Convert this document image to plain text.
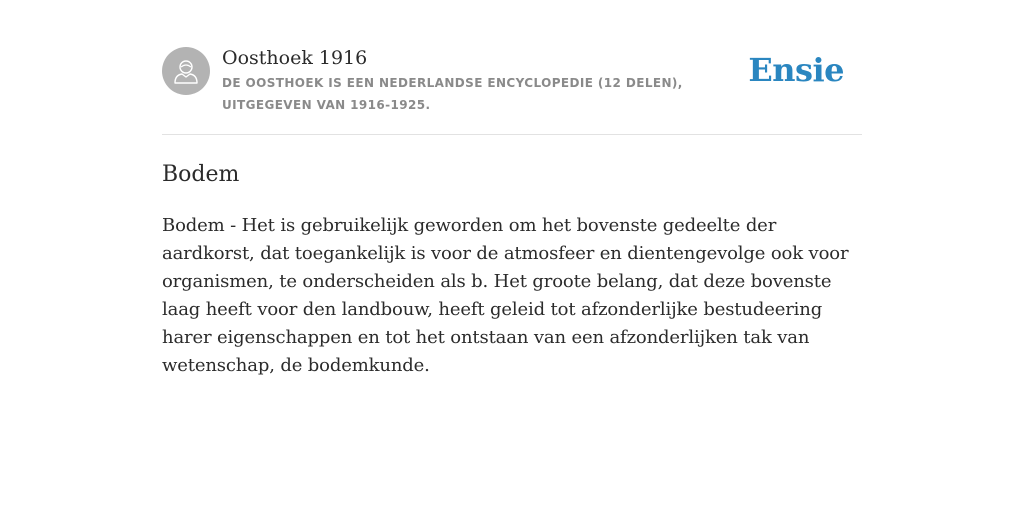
Oosthoek 1916

DE OOSTHOEK IS EEN NEDERLANDSE ENCYCLOPEDIE (12 DELEN), UITGEGEVEN VAN 1916-1925.

Ensie
Bodem

Bodem - Het is gebruikelijk geworden om het bovenste gedeelte der aardkorst, dat toegankelijk is voor de atmosfeer en dientengevolge ook voor organismen, te onderscheiden als b. Het groote belang, dat deze bovenste laag heeft voor den landbouw, heeft geleid tot afzonderlijke bestudeering harer eigenschappen en tot het ontstaan van een afzonderlijken tak van wetenschap, de bodemkunde.
